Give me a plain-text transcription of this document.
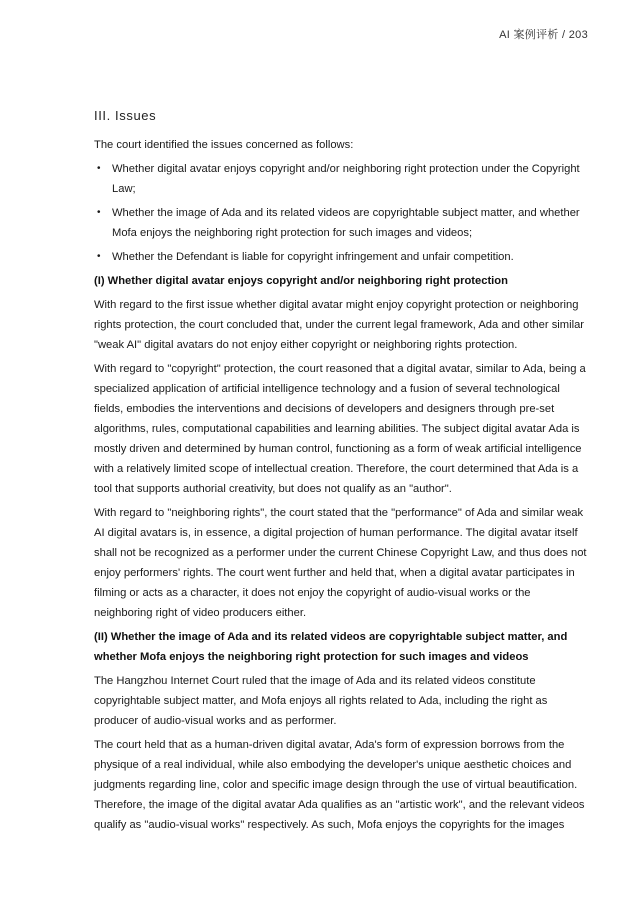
AI 案例评析 / 203
III. Issues

The court identified the issues concerned as follows:

• Whether digital avatar enjoys copyright and/or neighboring right protection under the Copyright Law;
• Whether the image of Ada and its related videos are copyrightable subject matter, and whether Mofa enjoys the neighboring right protection for such images and videos;
• Whether the Defendant is liable for copyright infringement and unfair competition.
(I) Whether digital avatar enjoys copyright and/or neighboring right protection

With regard to the first issue whether digital avatar might enjoy copyright protection or neighboring rights protection, the court concluded that, under the current legal framework, Ada and other similar "weak AI" digital avatars do not enjoy either copyright or neighboring rights protection.

With regard to "copyright" protection, the court reasoned that a digital avatar, similar to Ada, being a specialized application of artificial intelligence technology and a fusion of several technological fields, embodies the interventions and decisions of developers and designers through pre-set algorithms, rules, computational capabilities and learning abilities. The subject digital avatar Ada is mostly driven and determined by human control, functioning as a form of weak artificial intelligence with a relatively limited scope of intellectual creation. Therefore, the court determined that Ada is a tool that supports authorial creativity, but does not qualify as an "author".

With regard to "neighboring rights", the court stated that the "performance" of Ada and similar weak AI digital avatars is, in essence, a digital projection of human performance. The digital avatar itself shall not be recognized as a performer under the current Chinese Copyright Law, and thus does not enjoy performers' rights. The court went further and held that, when a digital avatar participates in filming or acts as a character, it does not enjoy the copyright of audio-visual works or the neighboring right of video producers either.

(II) Whether the image of Ada and its related videos are copyrightable subject matter, and whether Mofa enjoys the neighboring right protection for such images and videos

The Hangzhou Internet Court ruled that the image of Ada and its related videos constitute copyrightable subject matter, and Mofa enjoys all rights related to Ada, including the right as producer of audio-visual works and as performer.

The court held that as a human-driven digital avatar, Ada's form of expression borrows from the physique of a real individual, while also embodying the developer's unique aesthetic choices and judgments regarding line, color and specific image design through the use of virtual beautification. Therefore, the image of the digital avatar Ada qualifies as an "artistic work", and the relevant videos qualify as "audio-visual works" respectively. As such, Mofa enjoys the copyrights for the images
